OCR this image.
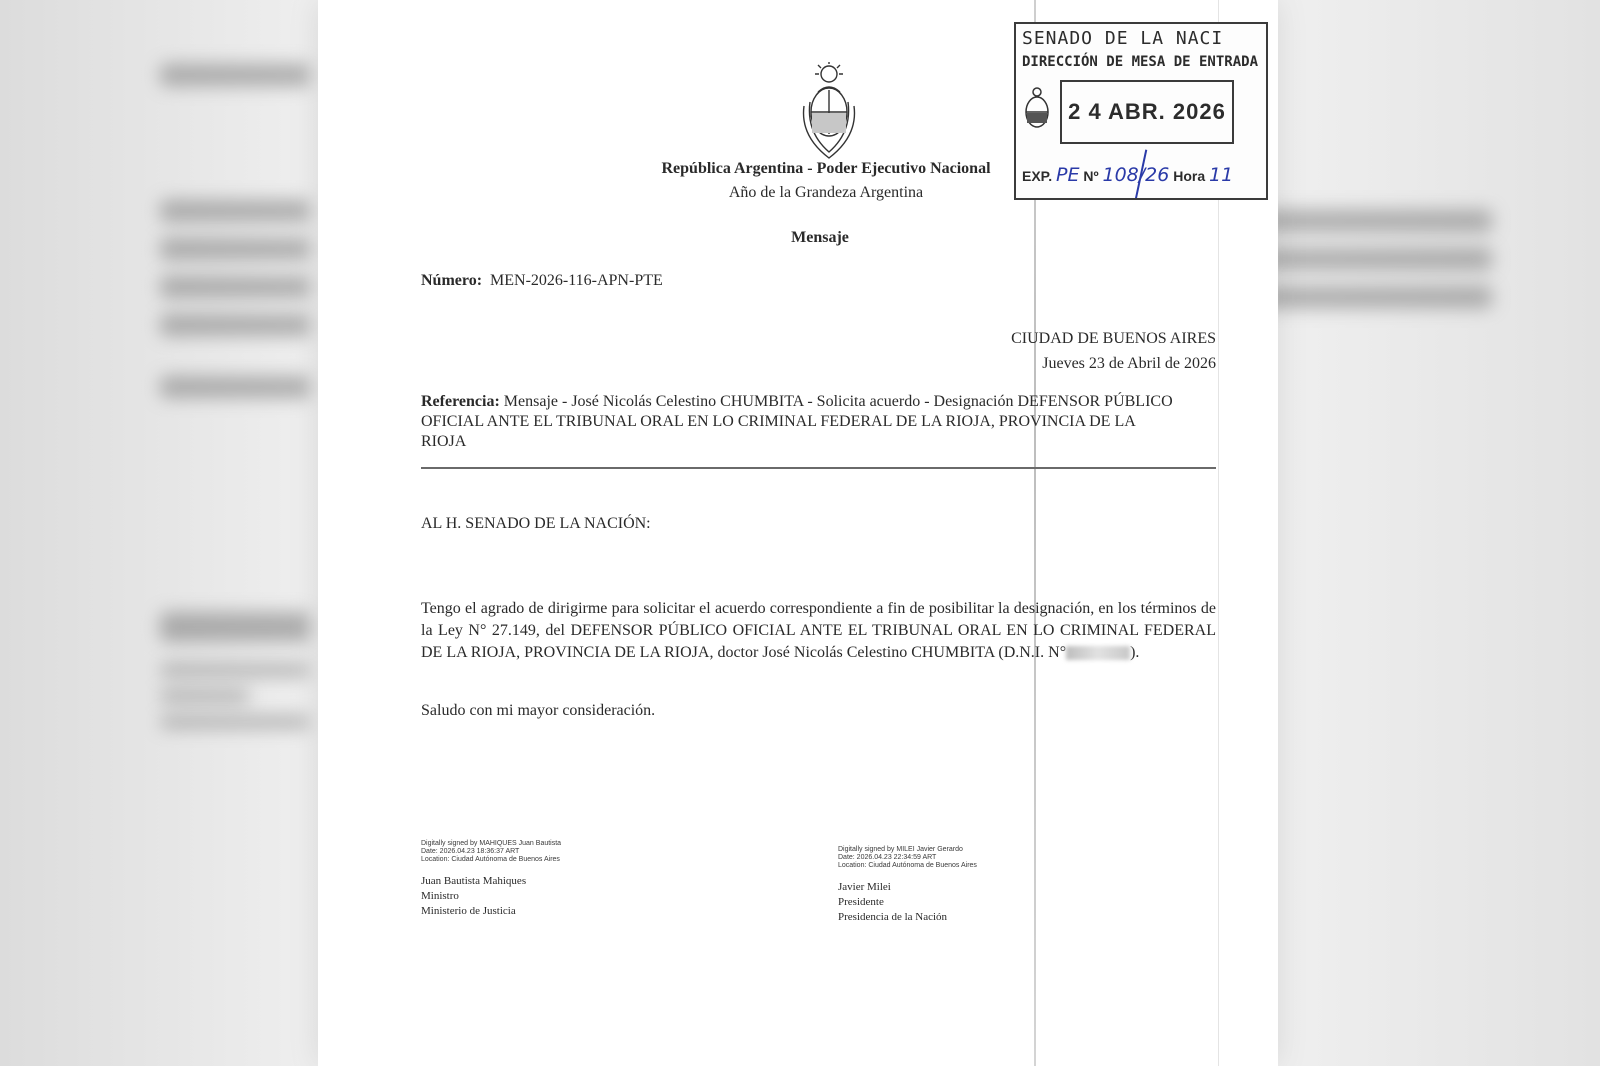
República Argentina - Poder Ejecutivo Nacional
Año de la Grandeza Argentina
Mensaje
Número: MEN-2026-116-APN-PTE
CIUDAD DE BUENOS AIRES
Jueves 23 de Abril de 2026
Referencia: Mensaje - José Nicolás Celestino CHUMBITA - Solicita acuerdo - Designación DEFENSOR PÚBLICO OFICIAL ANTE EL TRIBUNAL ORAL EN LO CRIMINAL FEDERAL DE LA RIOJA, PROVINCIA DE LA RIOJA
AL H. SENADO DE LA NACIÓN:
Tengo el agrado de dirigirme para solicitar el acuerdo correspondiente a fin de posibilitar la designación, en los términos de la Ley N° 27.149, del DEFENSOR PÚBLICO OFICIAL ANTE EL TRIBUNAL ORAL EN LO CRIMINAL FEDERAL DE LA RIOJA, PROVINCIA DE LA RIOJA, doctor José Nicolás Celestino CHUMBITA (D.N.I. N°	).
Saludo con mi mayor consideración.
Digitally signed by MAHIQUES Juan Bautista
Date: 2026.04.23 18:36:37 ART
Location: Ciudad Autónoma de Buenos Aires
Juan Bautista Mahiques
Ministro
Ministerio de Justicia
Digitally signed by MILEI Javier Gerardo
Date: 2026.04.23 22:34:59 ART
Location: Ciudad Autónoma de Buenos Aires
Javier Milei
Presidente
Presidencia de la Nación
SENADO DE LA NACI
DIRECCIÓN DE MESA DE ENTRADA
2 4 ABR. 2026
EXP. PE Nº 108/26 Hora 11
